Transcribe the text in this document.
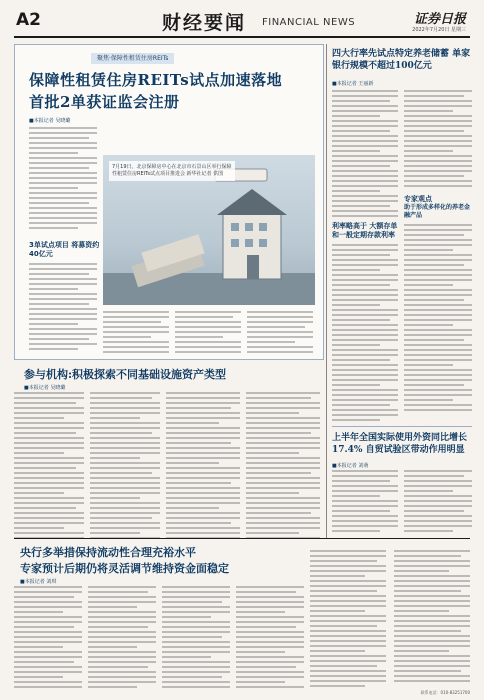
A2	财经要闻 FINANCIAL NEWS	证券日报
2022年7月20日 星期三
聚焦·保障性租赁住房REITs
保障性租赁住房REITs试点加速落地
首批2单获证监会注册
■本报记者 吴晓璐
3单试点项目 将募资约40亿元
7月19日，北京保障房中心在北京市石景山区举行保障性租赁住房REITs试点项目推进会 新华社记者 供图
参与机构:积极探索不同基础设施资产类型
■本报记者 吴晓璐
四大行率先试点特定养老储蓄 单家银行规模不超过100亿元
■本报记者 王丽新
利率略高于 大额存单和一般定期存款利率
专家观点
助于形成多样化的养老金融产品
上半年全国实际使用外资同比增长17.4% 自贸试验区带动作用明显
■本报记者 刘萌
央行多举措保持流动性合理充裕水平
专家预计后期仍将灵活调节维持资金面稳定
■本报记者 刘琪
联系电话：010-83251700
